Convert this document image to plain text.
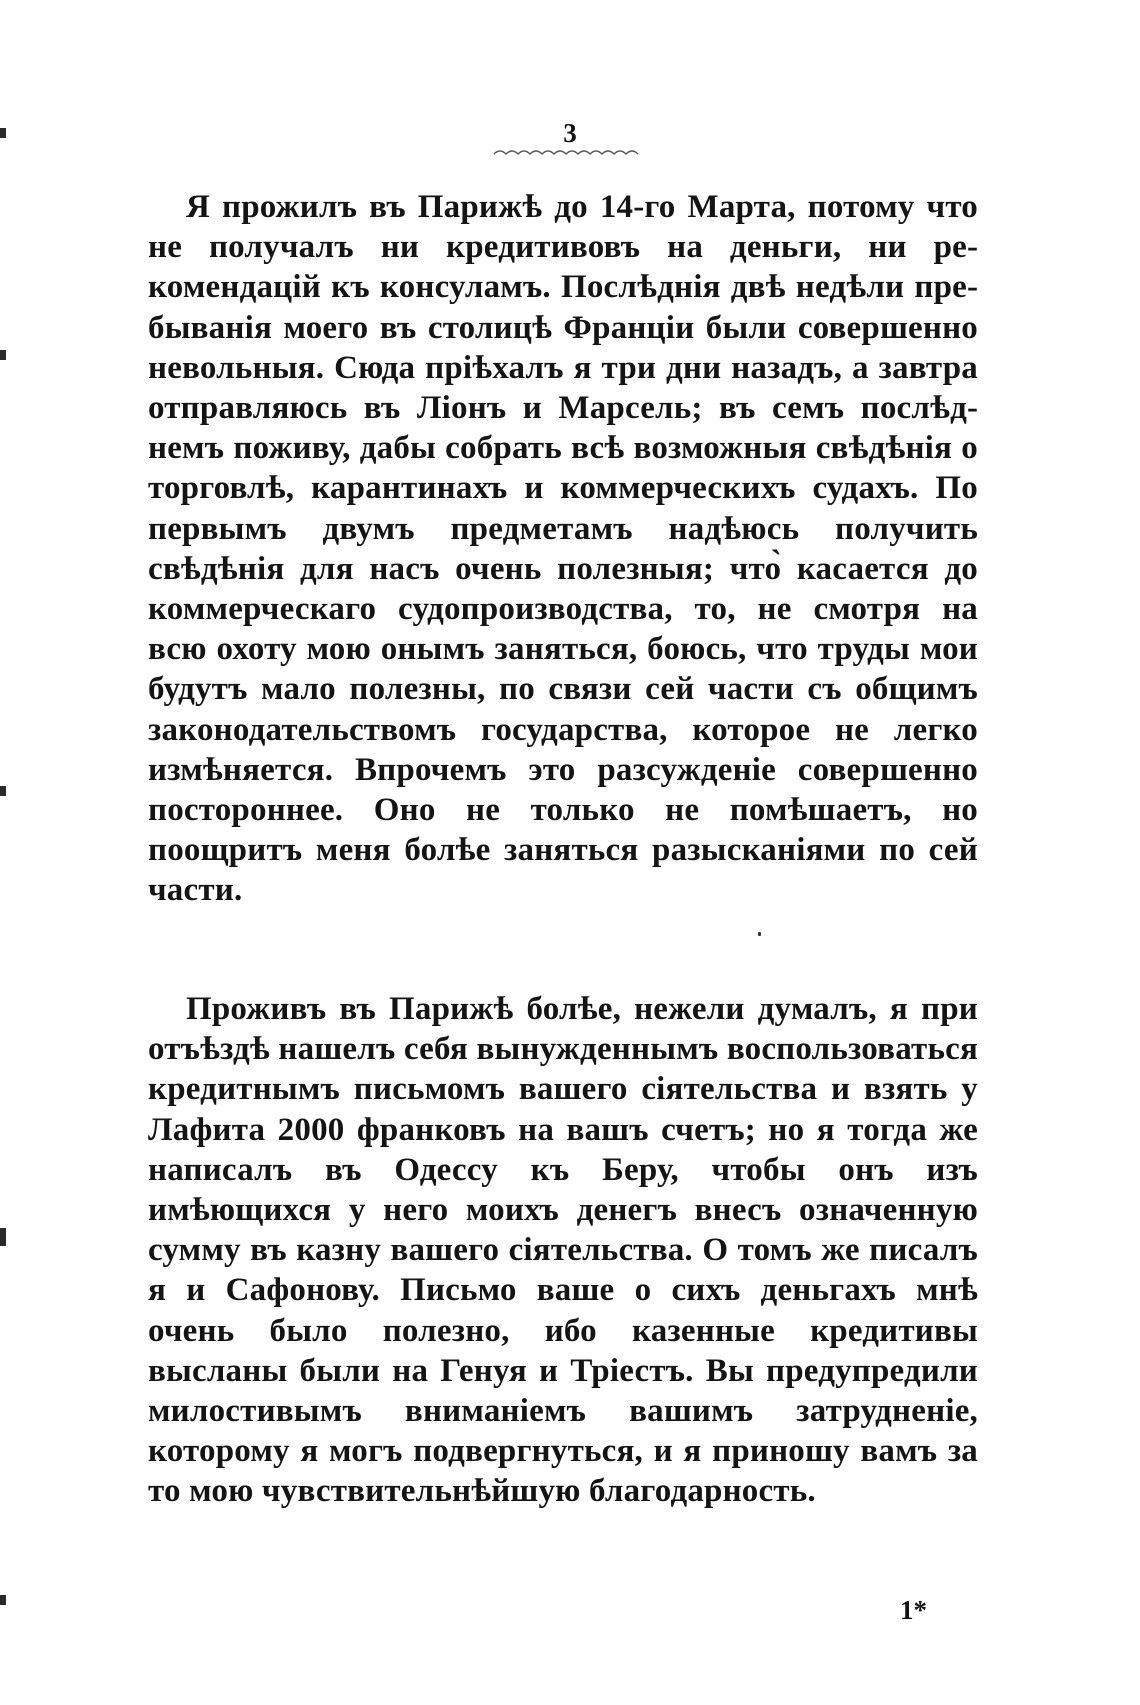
3

Я прожилъ въ Парижѣ до 14-го Марта, потому что не получалъ ни кредитивовъ на деньги, ни рекомендацій къ консуламъ. Послѣднія двѣ недѣли пребыванія моего въ столицѣ Франціи были совершенно невольныя. Сюда пріѣхалъ я три дни назадъ, а завтра отправляюсь въ Ліонъ и Марсель; въ семъ послѣднемъ поживу, дабы собрать всѣ возможныя свѣдѣнія о торговлѣ, карантинахъ и коммерческихъ судахъ. По первымъ двумъ предметамъ надѣюсь получить свѣдѣнія для насъ очень полезныя; что̀ касается до коммерческаго судопроизводства, то, не смотря на всю охоту мою онымъ заняться, боюсь, что труды мои будутъ мало полезны, по связи сей части съ общимъ законодательствомъ государства, которое не легко измѣняется. Впрочемъ это разсужденіе совершенно постороннее. Оно не только не помѣшаетъ, но поощритъ меня болѣе заняться разысканіями по сей части.

Проживъ въ Парижѣ болѣе, нежели думалъ, я при отъѣздѣ нашелъ себя вынужденнымъ воспользоваться кредитнымъ письмомъ вашего сіятельства и взять у Лафита 2000 франковъ на вашъ счетъ; но я тогда же написалъ въ Одессу къ Беру, чтобы онъ изъ имѣющихся у него моихъ денегъ внесъ означенную сумму въ казну вашего сіятельства. О томъ же писалъ я и Сафонову. Письмо ваше о сихъ деньгахъ мнѣ очень было полезно, ибо казенные кредитивы высланы были на Генуя и Тріестъ. Вы предупредили милостивымъ вниманіемъ вашимъ затрудненіе, которому я могъ подвергнуться, и я приношу вамъ за то мою чувствительнѣйшую благодарность.

1*
